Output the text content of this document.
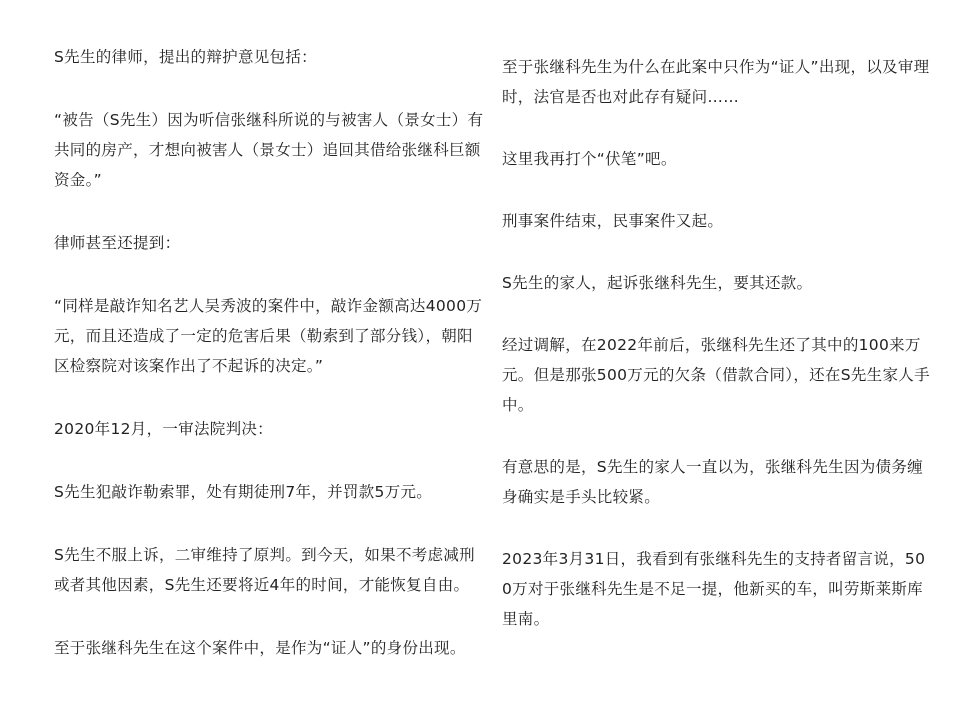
S先生的律师，提出的辩护意见包括：

“被告（S先生）因为听信张继科所说的与被害人（景女士）有共同的房产，才想向被害人（景女士）追回其借给张继科巨额资金。”

律师甚至还提到：

“同样是敲诈知名艺人吴秀波的案件中，敲诈金额高达4000万元，而且还造成了一定的危害后果（勒索到了部分钱），朝阳区检察院对该案作出了不起诉的决定。”

2020年12月，一审法院判决：

S先生犯敲诈勒索罪，处有期徒刑7年，并罚款5万元。

S先生不服上诉，二审维持了原判。到今天，如果不考虑减刑或者其他因素，S先生还要将近4年的时间，才能恢复自由。

至于张继科先生在这个案件中，是作为“证人”的身份出现。

至于张继科先生为什么在此案中只作为“证人”出现，以及审理时，法官是否也对此存有疑问……

这里我再打个“伏笔”吧。

刑事案件结束，民事案件又起。

S先生的家人，起诉张继科先生，要其还款。

经过调解，在2022年前后，张继科先生还了其中的100来万元。但是那张500万元的欠条（借款合同），还在S先生家人手中。

有意思的是，S先生的家人一直以为，张继科先生因为债务缠身确实是手头比较紧。

2023年3月31日，我看到有张继科先生的支持者留言说，500万对于张继科先生是不足一提，他新买的车，叫劳斯莱斯库里南。
